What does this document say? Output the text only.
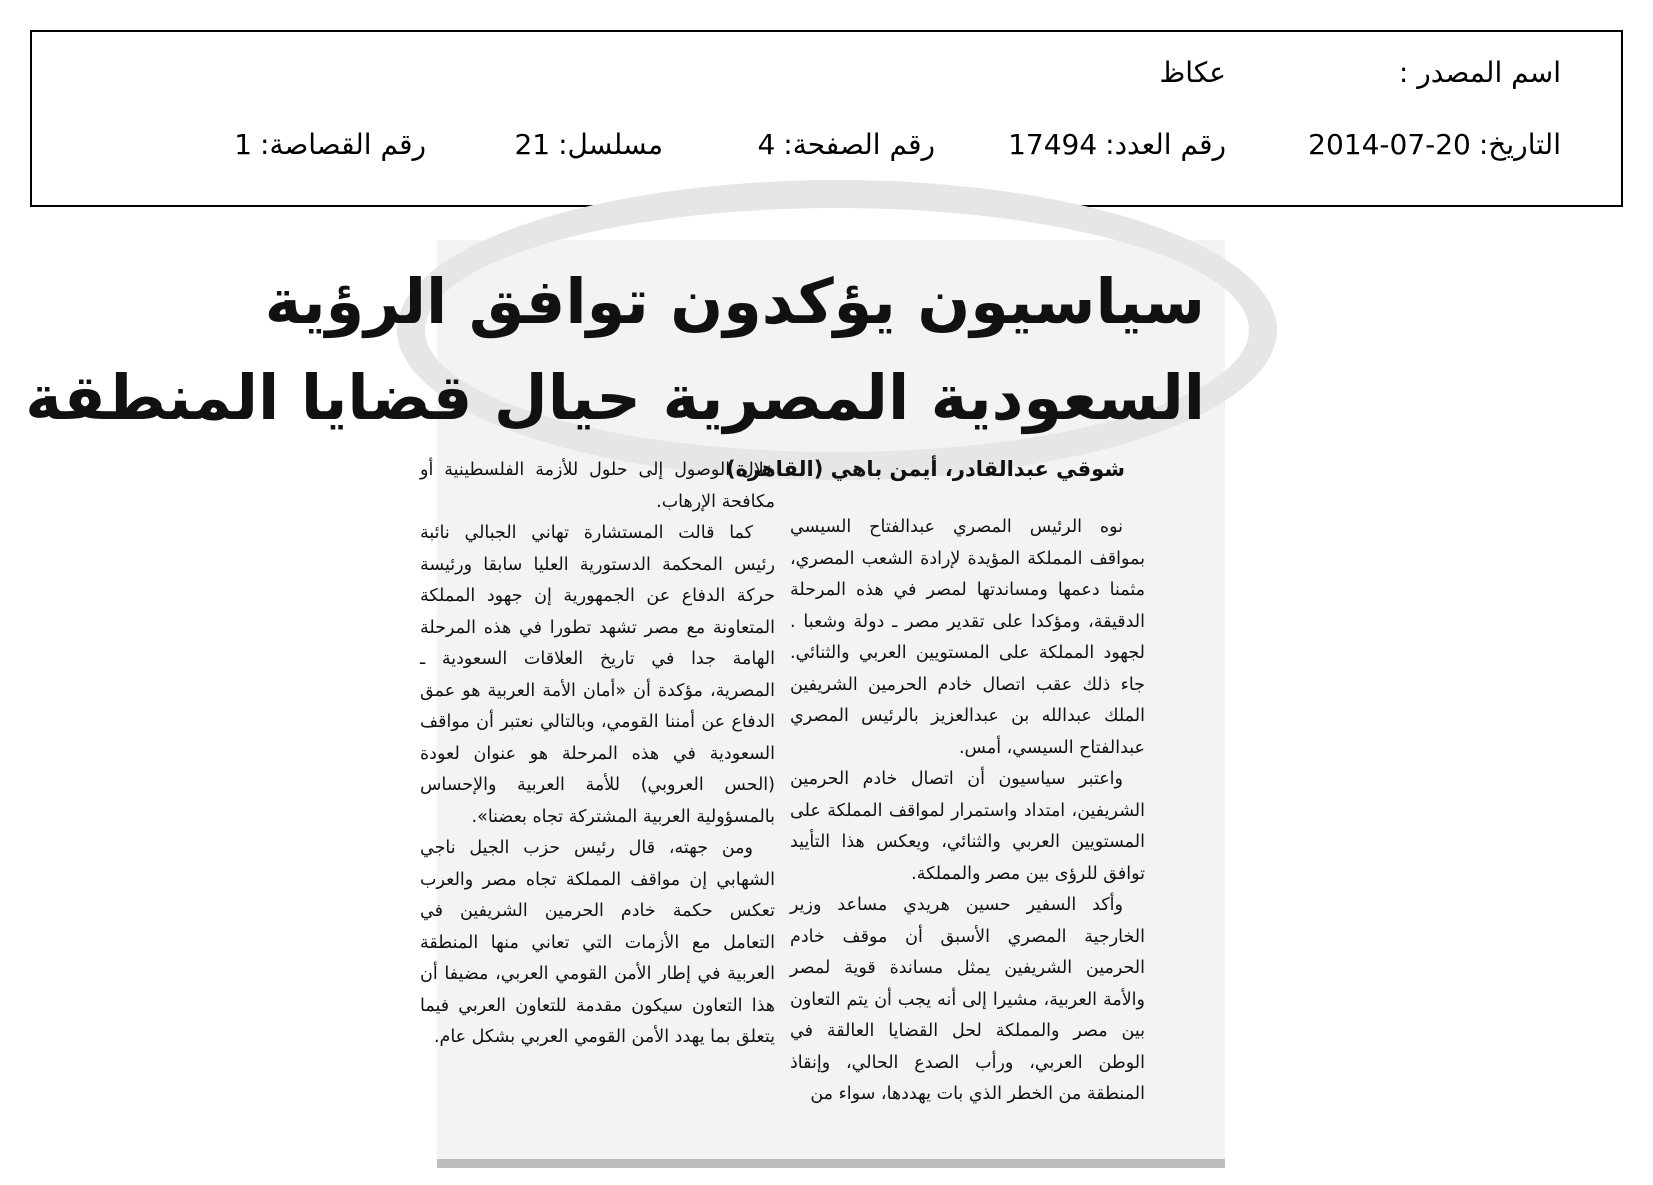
اسم المصدر :
عكاظ
التاريخ:2014-07-20
رقم العدد:17494
رقم الصفحة:4
مسلسل:21
رقم القصاصة:1
سياسيون يؤكدون توافق الرؤية
السعودية المصرية حيال قضايا المنطقة
شوقي عبدالقادر، أيمن باهي (القاهرة)

نوه الرئيس المصري عبدالفتاح السيسي بمواقف المملكة المؤيدة لإرادة الشعب المصري، مثمنا دعمها ومساندتها لمصر في هذه المرحلة الدقيقة، ومؤكدا على تقدير مصر ـ دولة وشعبا . لجهود المملكة على المستويين العربي والثنائي. جاء ذلك عقب اتصال خادم الحرمين الشريفين الملك عبدالله بن عبدالعزيز بالرئيس المصري عبدالفتاح السيسي، أمس.

واعتبر سياسيون أن اتصال خادم الحرمين الشريفين، امتداد واستمرار لمواقف المملكة على المستويين العربي والثنائي، ويعكس هذا التأييد توافق للرؤى بين مصر والمملكة.

وأكد السفير حسين هريدي مساعد وزير الخارجية المصري الأسبق أن موقف خادم الحرمين الشريفين يمثل مساندة قوية لمصر والأمة العربية، مشيرا إلى أنه يجب أن يتم التعاون بين مصر والمملكة لحل القضايا العالقة في الوطن العربي، ورأب الصدع الحالي، وإنقاذ المنطقة من الخطر الذي بات يهددها، سواء من

خلال الوصول إلى حلول للأزمة الفلسطينية أو مكافحة الإرهاب.

كما قالت المستشارة تهاني الجبالي نائبة رئيس المحكمة الدستورية العليا سابقا ورئيسة حركة الدفاع عن الجمهورية إن جهود المملكة المتعاونة مع مصر تشهد تطورا في هذه المرحلة الهامة جدا في تاريخ العلاقات السعودية ـ المصرية، مؤكدة أن «أمان الأمة العربية هو عمق الدفاع عن أمننا القومي، وبالتالي نعتبر أن مواقف السعودية في هذه المرحلة هو عنوان لعودة (الحس العروبي) للأمة العربية والإحساس بالمسؤولية العربية المشتركة تجاه بعضنا».

ومن جهته، قال رئيس حزب الجيل ناجي الشهابي إن مواقف المملكة تجاه مصر والعرب تعكس حكمة خادم الحرمين الشريفين في التعامل مع الأزمات التي تعاني منها المنطقة العربية في إطار الأمن القومي العربي، مضيفا أن هذا التعاون سيكون مقدمة للتعاون العربي فيما يتعلق بما يهدد الأمن القومي العربي بشكل عام.
